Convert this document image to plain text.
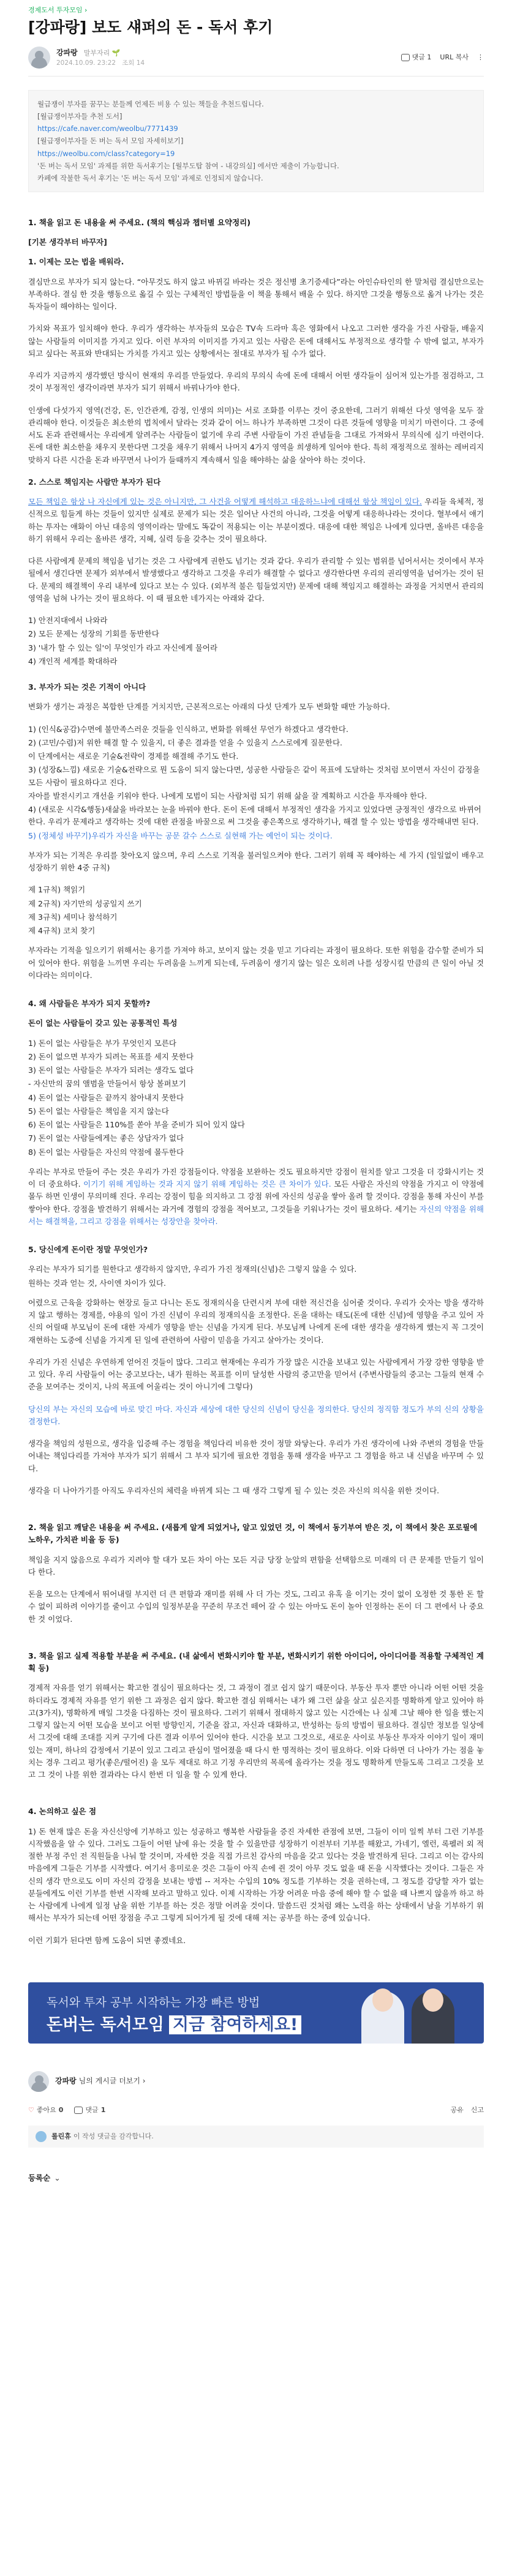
경제도서 투자모임 ›
[강파랑] 보도 섀퍼의 돈 - 독서 후기
강파랑 말부자리 🌱
2024.10.09. 23:22 조회 14
댓글 1 URL 복사 ⋮
월급쟁이 부자를 꿈꾸는 분들께 언제든 비용 수 있는 책들을 추천드립니다.
[월급쟁이부자들 추천 도서]
https://cafe.naver.com/weolbu/7771439
[월급쟁이부자들 돈 버는 독서 모임 자세히보기]
https://weolbu.com/class?category=19
'돈 버는 독서 모임' 과제를 위한 독서후기는 [월부도탑 참여 - 내강의실] 에서만 제출이 가능합니다.
카페에 작불한 독서 후기는 '돈 버는 독서 모임' 과제로 인정되지 않습니다.
1. 책을 읽고 돈 내용을 써 주세요. (책의 핵심과 챕터별 요약정리)
[기본 생각부터 바꾸자]
1. 이제는 모는 법을 배워라.

결심만으로 부자가 되지 않는다. “아무것도 하지 않고 바뀌길 바라는 것은 정신병 초기증세다”라는 아인슈타인의 한 말처럼 결심만으로는 부족하다. 결심 한 것을 행동으로 옮길 수 있는 구체적인 방법들을 이 책을 통해서 배울 수 있다. 하지만 그것을 행동으로 옮겨 나가는 것은 독자들이 해야하는 일이다.

가치와 목표가 일치해야 한다. 우리가 생각하는 부자들의 모습은 TV속 드라마 혹은 영화에서 나오고 그러한 생각을 가진 사람들, 배울지 않는 사람들의 이미지를 가지고 있다. 이런 부자의 이미지를 가지고 있는 사람은 돈에 대해서도 부정적으로 생각할 수 밖에 없고, 부자가 되고 싶다는 목표와 반대되는 가치를 가지고 있는 상황에서는 절대로 부자가 될 수가 없다.

우리가 지금까지 생각했던 방식이 현재의 우리를 만들었다. 우리의 무의식 속에 돈에 대해서 어떤 생각들이 심어져 있는가를 점검하고, 그것이 부정적인 생각이라면 부자가 되기 위해서 바꿔나가야 한다.

인생에 다섯가지 영역(건강, 돈, 인간관계, 감정, 인생의 의미)는 서로 조화를 이루는 것이 중요한데, 그러기 위해선 다섯 영역을 모두 잘 관리해야 한다. 이것들은 최소한의 법칙에서 달라는 것과 같이 어느 하나가 부족하면 그것이 다른 것들에 영향을 미치기 마련이다. 그 중에서도 돈과 관련해서는 우리에게 알려주는 사람들이 없기에 우리 주변 사람들이 가진 관념들을 그대로 가져와서 무의식에 심기 마련이다. 돈에 대한 최소한을 채우지 못한다면 그것을 채우기 위해서 나머지 4가지 영역을 희생하게 일어야 한다. 특히 재정적으로 절하는 레버리지 맞하지 다른 시간을 돈과 바꾸면서 나이가 들때까지 계속해서 일을 해야하는 삶을 살아야 하는 것이다.

2. 스스로 책임지는 사람만 부자가 된다

모든 책임은 항상 나 자신에게 있는 것은 아니지만, 그 사건을 어떻게 해석하고 대응하느냐에 대해선 항상 책임이 있다. 우리들 육체적, 정신적으로 힘들게 하는 것들이 있지만 실제로 문제가 되는 것은 일어난 사건의 아니라, 그것을 어떻게 대응하나라는 것이다. 혈부에서 얘기하는 투자는 얘화이 아닌 대응의 영역이라는 말에도 똑같이 적용되는 이는 부분이겠다. 대응에 대한 책임은 나에게 있다면, 올바른 대응을 하기 위해서 우리는 올바른 생각, 지혜, 실력 등을 갖추는 것이 필요하다.

다른 사람에게 문제의 책임을 넘기는 것은 그 사람에게 권한도 넘기는 것과 같다. 우리가 관리할 수 있는 범위를 넘어서서는 것이에서 부자 될에서 생긴다면 문제가 외부에서 발생했다고 생각하고 그것을 우리가 해결할 수 없다고 생각한다면 우리의 권리영역을 넘어가는 것이 된다. 문제의 해결책이 우리 내부에 있다고 보는 수 있다. (외부적 불은 힘들었지만) 문제에 대해 책임지고 해결하는 과정을 거치면서 관리의 영역을 넘혀 나가는 것이 필요하다. 이 때 필요한 네가지는 아래와 같다.

1) 안전지대에서 나와라
2) 모든 문제는 성장의 기회를 동반한다
3) '내가 할 수 있는 일'이 무엇인가 라고 자신에게 물어라
4) 개인적 세계를 확대하라
3. 부자가 되는 것은 기적이 아니다

변화가 생기는 과정은 복합한 단계를 거치지만, 근본적으로는 아래의 다섯 단계가 모두 변화할 때만 가능하다.

1) (인식&공감)수면에 불만족스러운 것들을 인식하고, 변화를 위해선 무언가 하겠다고 생각한다.
2) (고민/수렴)저 위한 해결 할 수 있을지, 더 좋은 결과를 얻을 수 있을지 스스로에게 질문한다.
이 단계에서는 새로운 기술&전략이 경제를 해결해 주기도 한다.
3) (성장&느낌) 새로운 기술&전략으로 뭔 도움이 되지 않는다면, 성공한 사람들은 같이 목표에 도달하는 것처럼 보이면서 자신이 감정을 모든 사람이 필요하다고 진다.
자아를 발전시키고 개선을 키워야 한다. 나에게 모범이 되는 사람처럼 되기 위해 삶을 잘 계획하고 시간을 투자해야 한다.
4) (새로운 시각&행동)새삶을 바라보는 눈을 바꿔야 한다. 돈이 돈에 대해서 부정적인 생각을 가지고 있었다면 긍정적인 생각으로 바뀌어 한다. 우리가 문제라고 생각하는 것에 대한 관점을 바꿀으로 써 그것을 좋은쪽으로 생각하기나, 해결 할 수 있는 방법을 생각해내면 된다.
5) (정체성 바꾸기)우리가 자신을 바꾸는 공문 갈수 스스로 실현해 가는 예언이 되는 것이다.

부자가 되는 기적은 우리를 찾아오지 않으며, 우리 스스로 기적을 불러일으켜야 한다. 그러기 위해 꼭 해야하는 세 가지 (일일없이 배우고 성장하기 위한 4중 규칙)

제 1규칙) 책읽기
제 2규칙) 자기만의 성공일지 쓰기
제 3규칙) 세미나 참석하기
제 4규칙) 코치 찾기

부자라는 기적을 일으키기 위해서는 용기를 가져야 하고, 보이지 않는 것을 믿고 기다리는 과정이 필요하다. 또한 위험을 감수할 준비가 되어 있어야 한다. 위험을 느끼면 우리는 두려움을 느끼게 되는데, 두려움이 생기지 않는 일은 오히려 나를 성장시킬 만큼의 큰 일이 아닐 것이다라는 의미이다.

4. 왜 사람들은 부자가 되지 못할까?
돈이 없는 사람들이 갖고 있는 공통적인 특성
1) 돈이 없는 사람들은 부가 무엇인지 모른다
2) 돈이 없으면 부자가 되려는 목표를 세지 못한다
3) 돈이 없는 사람들은 부자가 되려는 생각도 없다
- 자신만의 꿈의 앨범을 만들어서 항상 볼펴보기
4) 돈이 없는 사람들은 끝까지 참아내지 못한다
5) 돈이 없는 사람들은 책임을 지지 않는다
6) 돈이 없는 사람들은 110%를 쏟아 부을 준비가 되어 있지 않다
7) 돈이 없는 사람들에게는 좋은 상담자가 없다
8) 돈이 없는 사람들은 자신의 약점에 몰두한다

우리는 부자로 만들어 주는 것은 우리가 가진 강점들이다. 약점을 보완하는 것도 필요하지만 강점이 원치를 알고 그것을 더 강화시키는 것이 더 중요하다. 이기기 위해 게임하는 것과 지지 않기 위해 게임하는 것은 큰 차이가 있다. 모든 사람은 자신의 약점을 가지고 이 약점에 몰두 하면 인생이 무의미해 진다. 우리는 강점이 힘을 의지하고 그 강점 위에 자신의 성공을 쌓아 올려 할 것이다. 강점을 통해 자신이 부를 쌓아야 한다. 강점을 발견하기 위해서는 과거에 경험의 강점을 적어보고, 그것들을 키워나가는 것이 필요하다. 세기는 자신의 약점을 위해서는 해결책을, 그리고 강점을 위해서는 성장안을 찾아라.

5. 당신에게 돈이란 정말 무엇인가?
우리는 부자가 되기를 원한다고 생각하지 않지만, 우리가 가진 정재의(신념)은 그렇지 않을 수 있다.
원하는 것과 얻는 것, 사이엔 차이가 있다.

어렸으로 근육을 강화하는 현장로 들고 다니는 돈도 정재의식을 단련시켜 부에 대한 적신건을 심어줄 것이다. 우리가 숫자는 방을 생각하지 않고 행하는 경제를, 야용의 일이 가진 신념이 우리의 정재의식을 조정한다. 돈을 대하는 태도(돈에 대한 신념)에 영향을 주고 있어 자신의 어릴때 부모님이 돈에 대한 자세가 영향을 받는 신념을 가지게 된다. 부모님께 나에게 돈에 대한 생각을 생각하게 했는지 꼭 그것이 재현하는 도중에 신념을 가지게 된 일에 관련하여 사람이 믿음을 가지고 살아가는 것이다.

우리가 가진 신념은 우연하게 얻어진 것들이 많다. 그리고 현재에는 우리가 가장 많은 시간을 보내고 있는 사람에게서 가장 강한 영향을 받고 있다. 우리 사람들이 어는 중고보다는, 내가 원하는 목표를 이미 달성한 사람의 중고만을 믿어서 (주변사람들의 중고는 그들의 현재 수준을 보여주는 것이지, 나의 목표에 어울리는 것이 아니기에 그렇다)

당신의 부는 자신의 모습에 바로 맞긴 마다. 자신과 세상에 대한 당신의 신념이 당신을 정의한다. 당신의 정직함 정도가 부의 신의 상황을 결정한다.

생각을 책임의 성원으로, 생각을 입증해 주는 경험을 책임다리 비유한 것이 정말 와닿는다. 우리가 가진 생각이에 나와 주변의 경험을 만들어내는 책임다리를 가져야 부자가 되기 위해서 그 부자 되기에 필요한 경험을 통해 생각을 바꾸고 그 경험을 하고 내 신념을 바꾸며 수 있다.

생각을 더 나아가기를 아직도 우리자신의 체력을 바뀌게 되는 그 때 생각 그렇게 될 수 있는 것은 자신의 의식을 위한 것이다.

2. 책을 읽고 깨달은 내용을 써 주세요. (새롭게 알게 되었거나, 알고 있었던 것, 이 책에서 동기부여 받은 것, 이 책에서 찾은 포로필에 노하우, 가치관 비율 등 등)

책임을 지지 않음으로 우리가 지려야 할 대가 모든 차이 아는 모든 지금 당장 눈앞의 편함을 선택함으로 미래의 더 큰 문제를 만들기 일이다 한다.

돈을 모으는 단계에서 뛰어내릴 부지런 더 큰 편함과 재미를 위해 사 더 가는 것도, 그리고 유혹 을 이기는 것이 없이 오정한 것 통한 돈 할 수 없이 피하려 이야기를 줄이고 수입의 일정부분을 꾸준히 무조건 떼어 갈 수 있는 아마도 돈이 놀아 인정하는 돈이 더 그 편에서 나 중요한 것 이었다.

3. 책을 읽고 실제 적용할 부분을 써 주세요. (내 삶에서 변화시키야 할 부분, 변화시키기 위한 아이디어, 아이디어를 적용할 구체적인 계획 등)

경제적 자유를 얻기 위해서는 확고한 결심이 필요하다는 것, 그 과정이 결코 쉽지 않기 때문이다. 부동산 투자 뿐만 아니라 어떤 어떤 것을 하더라도 경제적 자유를 얻기 위한 그 과정은 쉽지 않다. 확고한 결심 위해서는 내가 왜 그런 삶을 살고 싶은지를 명확하게 알고 있어야 하고(3가지), 명확하게 매일 그것을 다짐하는 것이 필요하다. 그러기 위해서 절대하지 않고 있는 시간에는 나 실제 그날 해야 한 일을 했는지 그렇지 않는지 어떤 모습을 보이고 어떤 방향인지, 기준을 잡고, 자신과 대화하고, 반성하는 등의 방법이 필요하다. 결심만 정보를 일상에서 그것에 대해 조대를 지켜 구기에 다른 결과 이루어 있어야 한다. 시간을 보고 그것으로, 새로운 사이로 부동산 투자자 이야기 일이 재미있는 재미, 하나의 감정에서 기분이 있고 그리고 관심이 멀어졌을 때 다시 한 명적하는 것이 필요하다. 이와 다하면 더 나아가 가는 점을 놓치는 경우 그리고 평가(좋은/떨어진) 을 모두 제대로 하고 기정 우리만의 목록에 올라가는 것을 정도 명확하게 만들도록 그리고 그것을 보고 그 것이 나를 위한 결과라는 다시 한번 더 일을 할 수 있게 한다.

4. 논의하고 싶은 점

1) 돈 현재 많은 돈을 자신신앙에 기부하고 있는 성공하고 행복한 사람들을 증진 자세한 관점에 보면, 그들이 이미 일찍 부터 그런 기부를 시작했음을 알 수 있다. 그러도 그들이 어떤 날에 유는 것을 할 수 있을만큼 성장하기 이전부터 기부를 해왔고, 가네기, 엘런, 록펠러 외 적절한 부정 주인 전 직원들을 나눠 할 것이며, 자세한 것을 직접 가르친 감사의 마음을 갖고 있다는 것을 발견하게 된다. 그리고 이는 감사의 마음에게 그들은 기부를 시작했다. 여기서 흥미로운 것은 그들이 아직 손에 쥔 것이 아무 것도 없을 때 돈을 시작했다는 것이다. 그들은 자신의 생각 만으로도 이미 자신의 감정을 보내는 방법 -- 저자는 수입의 10% 정도를 기부하는 것을 권하는데, 그 정도를 감당할 자가 없는 분들에게도 이런 기부를 한번 시작해 보라고 말하고 있다. 이제 시작하는 가장 어려운 마음 중에 해야 할 수 없을 때 나쁘지 않을까 하고 하는 사람에게 나에게 일정 남을 위한 기부를 하는 것은 정말 어려울 것이다. 말씀드린 것처럼 왜는 노력을 하는 상태에서 남을 기부하기 위해서는 부자가 되는데 어떤 장점을 주고 그렇게 되어가게 될 것에 대해 저는 공부를 하는 중에 있습니다.

이런 기회가 된다면 함께 도움이 되면 좋겠네요.

독서와 투자 공부 시작하는 가장 빠른 방법
돈버는 독서모임 지금 참여하세요!
강파랑 님의 게시글 더보기 ›
♡ 좋아요 0	댓글 1	공유 신고
롤린휴 이 작성 댓글을 감각합니다.
등록순 ⌄
